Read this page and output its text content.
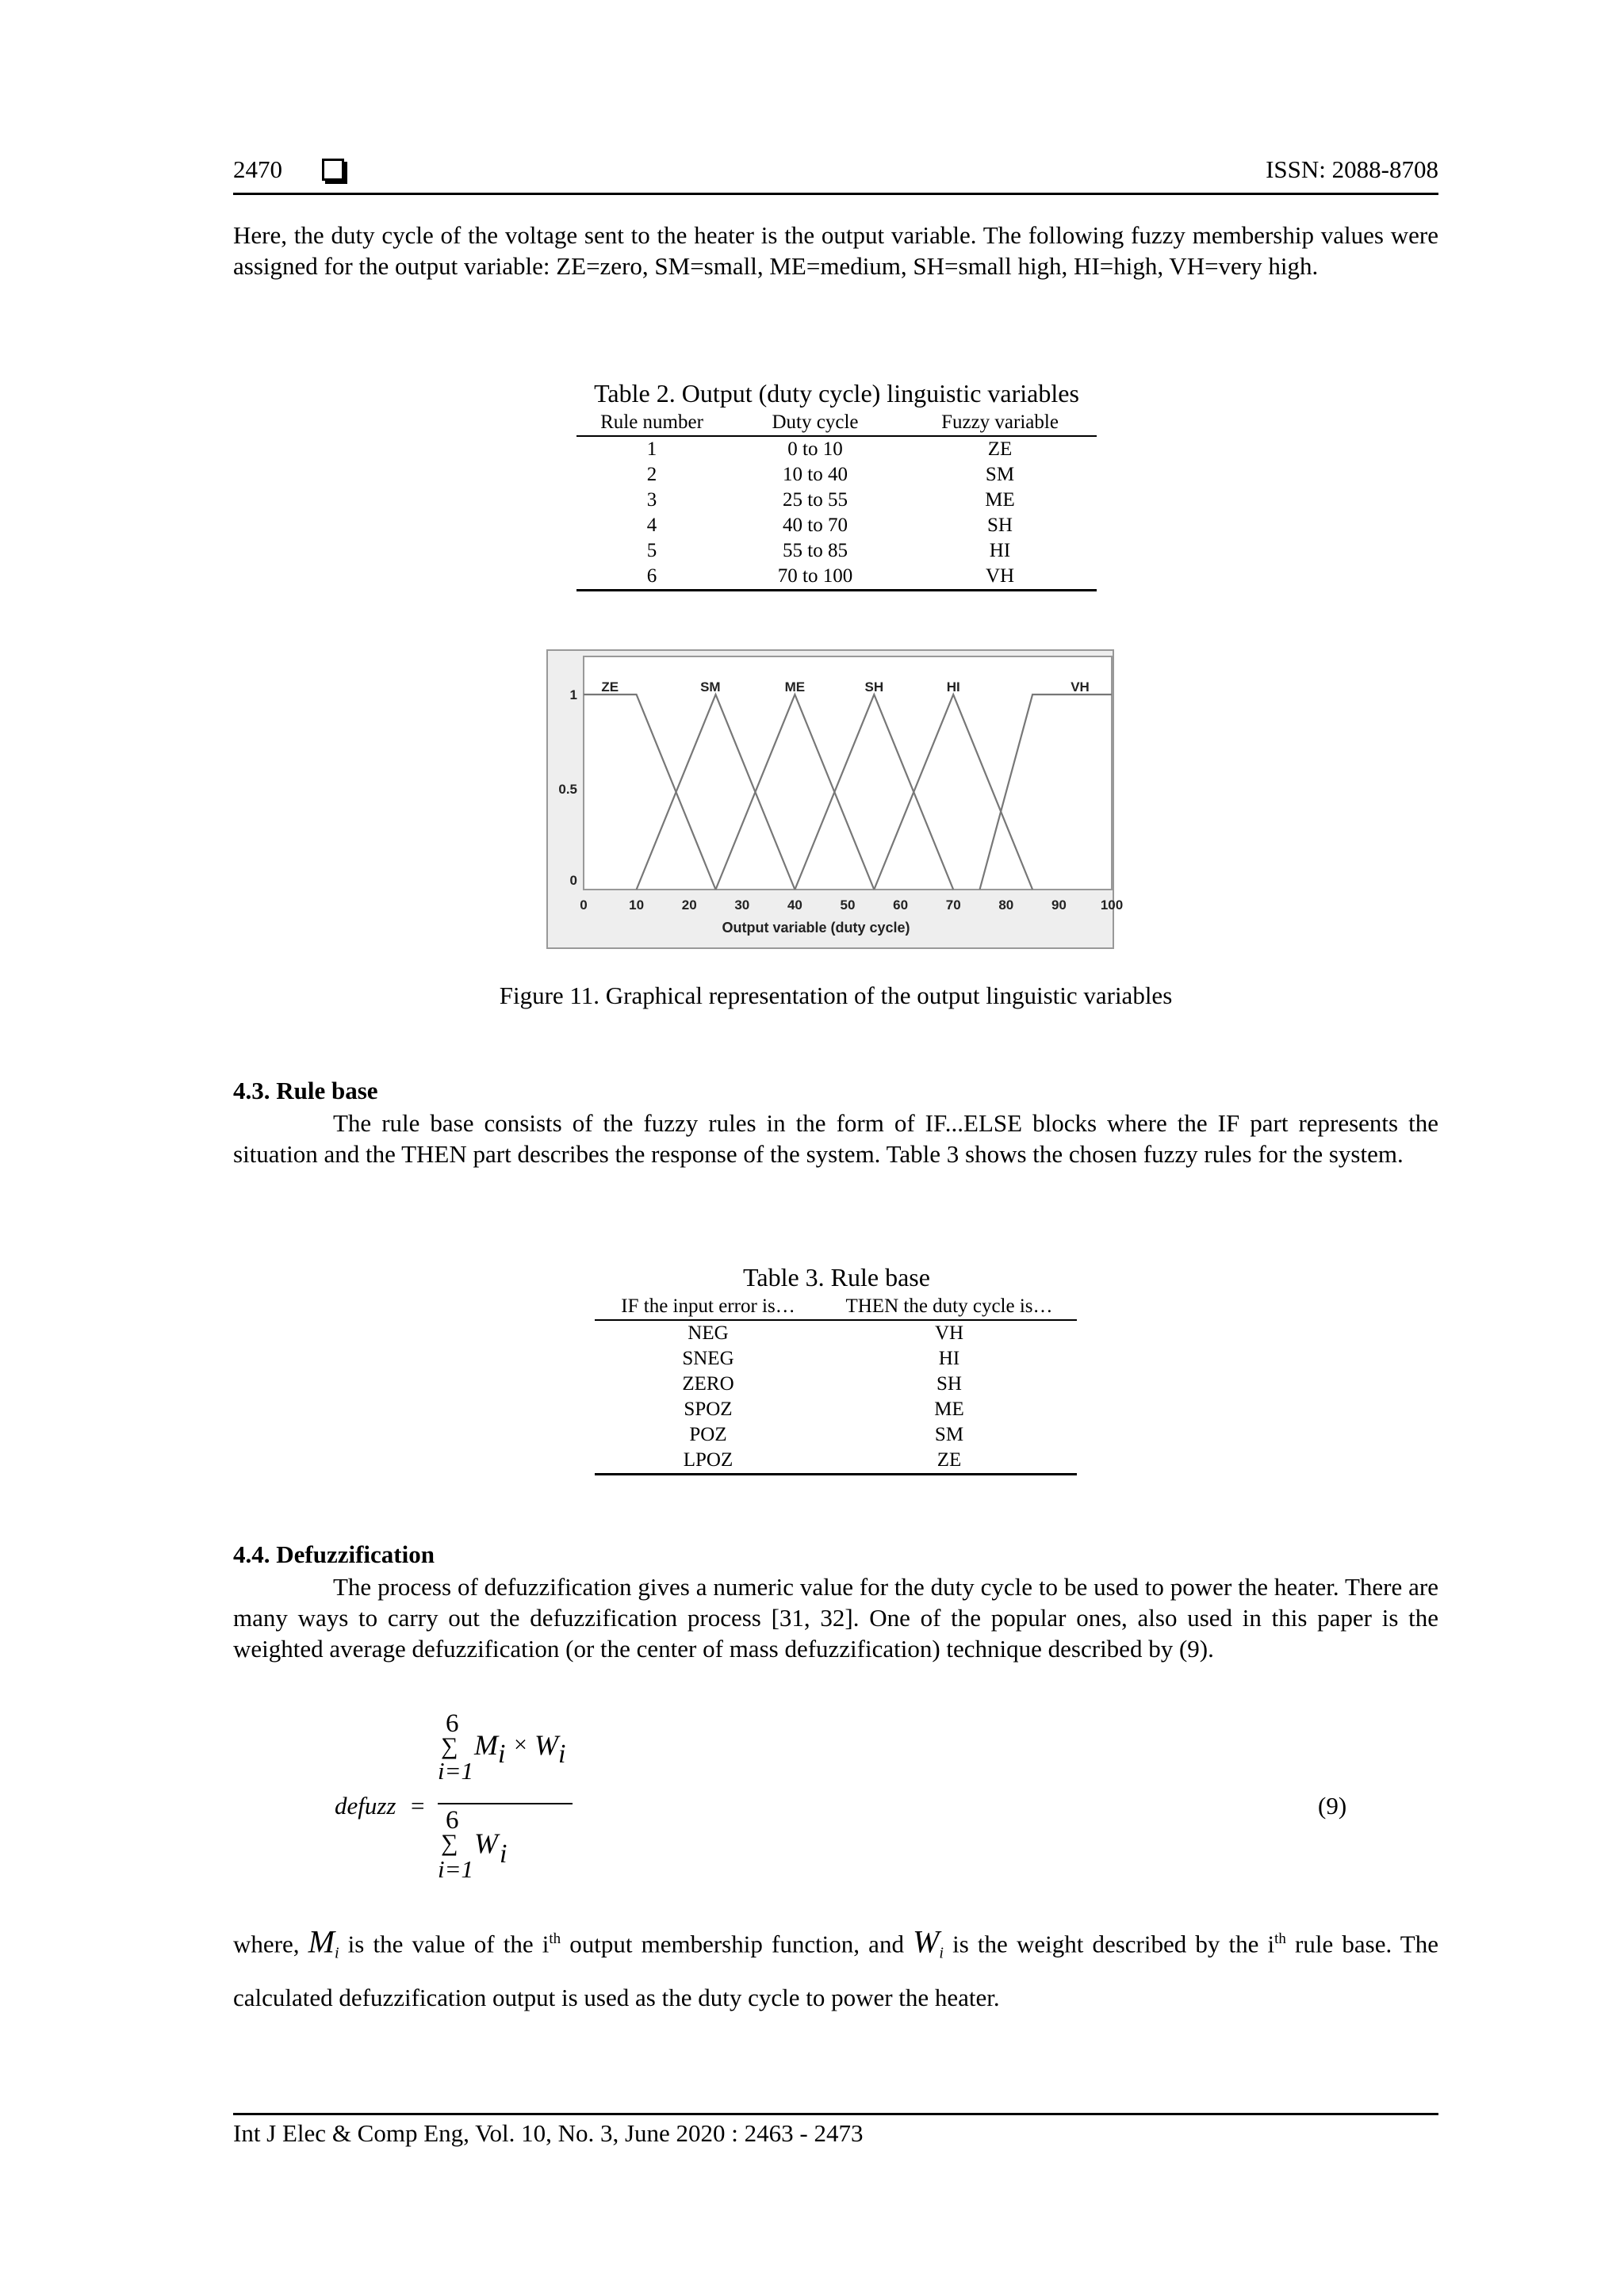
2470	ISSN: 2088-8708
Here, the duty cycle of the voltage sent to the heater is the output variable. The following fuzzy membership values were assigned for the output variable: ZE=zero, SM=small, ME=medium, SH=small high, HI=high, VH=very high.
Table 2. Output (duty cycle) linguistic variables
Rule number	Duty cycle	Fuzzy variable
1	0 to 10	ZE
2	10 to 40	SM
3	25 to 55	ME
4	40 to 70	SH
5	55 to 85	HI
6	70 to 100	VH
ZE	SM	ME	SH	HI	VH
0	10	20	30	40	50	60	70	80	90	100
0
0.5
1
Output variable (duty cycle)
Figure 11. Graphical representation of the output linguistic variables
4.3. Rule base
The rule base consists of the fuzzy rules in the form of IF...ELSE blocks where the IF part represents the situation and the THEN part describes the response of the system. Table 3 shows the chosen fuzzy rules for the system.
Table 3. Rule base
IF the input error is…	THEN the duty cycle is…
NEG	VH
SNEG	HI
ZERO	SH
SPOZ	ME
POZ	SM
LPOZ	ZE
4.4. Defuzzification
The process of defuzzification gives a numeric value for the duty cycle to be used to power the heater. There are many ways to carry out the defuzzification process [31, 32]. One of the popular ones, also used in this paper is the weighted average defuzzification (or the center of mass defuzzification) technique described by (9).
defuzz =
6
∑
i=1
M i × W i
6
∑
i=1
W i
(9)
where, $M_i$ is the value of the $i^{th}$ output membership function, and $W_i$ is the weight described by the $i^{th}$ rule base. The calculated defuzzification output is used as the duty cycle to power the heater.
Int J Elec & Comp Eng, Vol. 10, No. 3, June 2020 : 2463 - 2473
